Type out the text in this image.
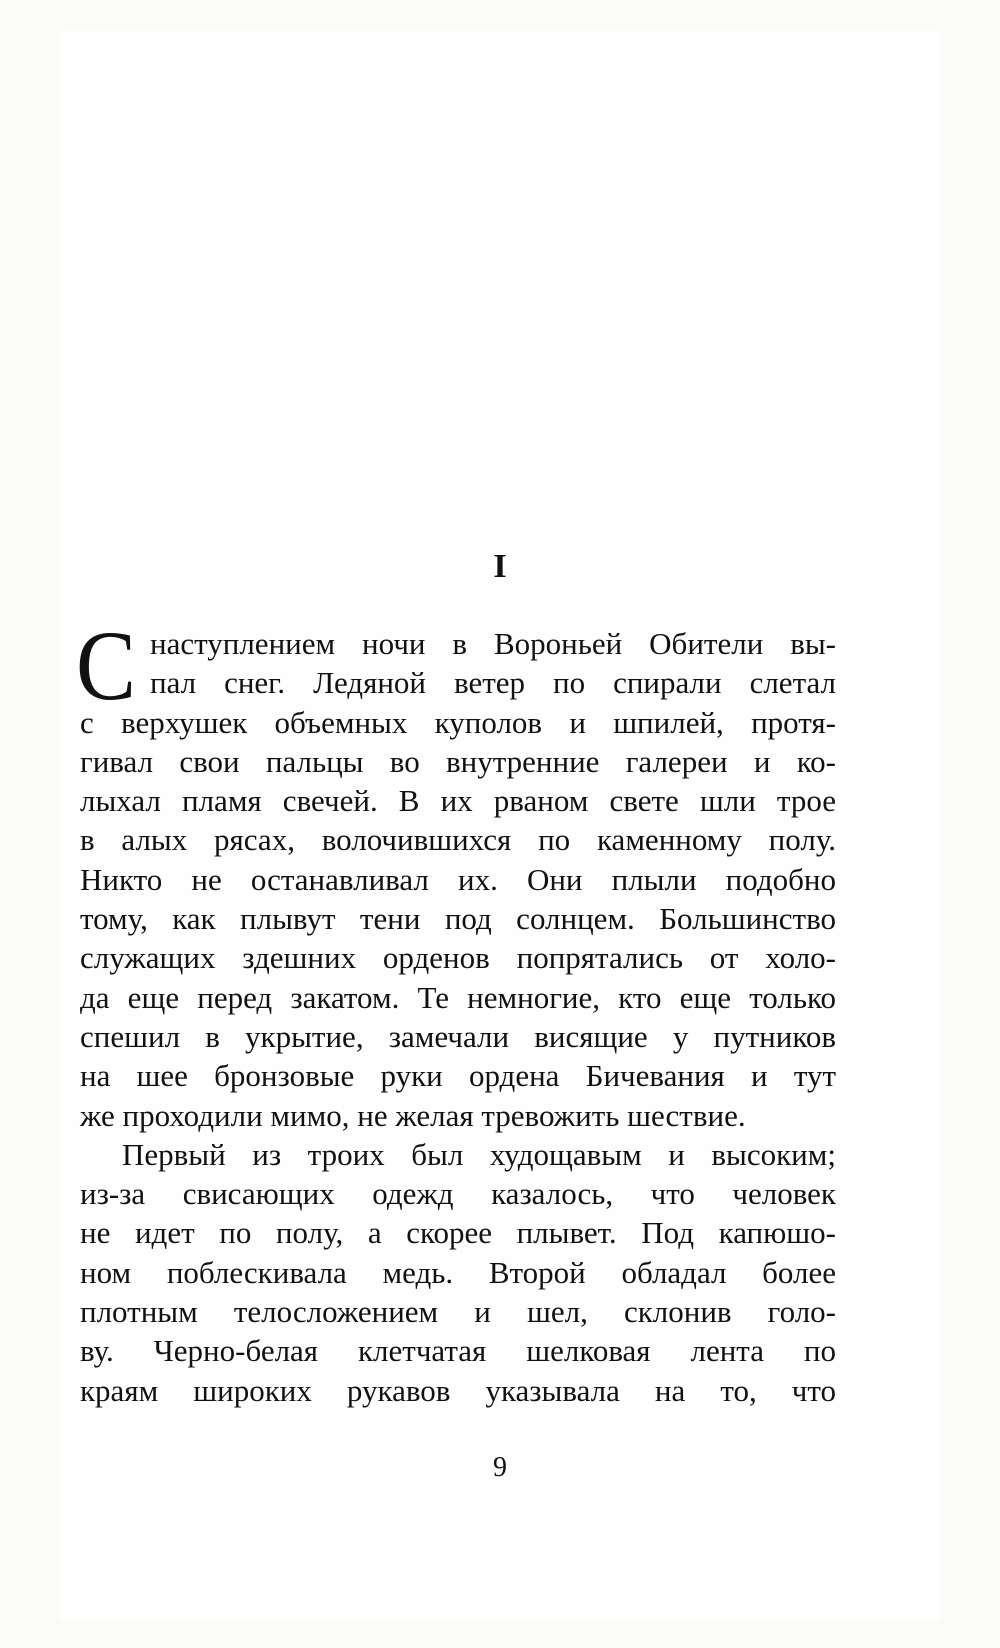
I
С наступлением ночи в Вороньей Обители вы-
пал снег. Ледяной ветер по спирали слетал
с верхушек объемных куполов и шпилей, протя-
гивал свои пальцы во внутренние галереи и ко-
лыхал пламя свечей. В их рваном свете шли трое
в алых рясах, волочившихся по каменному полу.
Никто не останавливал их. Они плыли подобно
тому, как плывут тени под солнцем. Большинство
служащих здешних орденов попрятались от холо-
да еще перед закатом. Те немногие, кто еще только
спешил в укрытие, замечали висящие у путников
на шее бронзовые руки ордена Бичевания и тут
же проходили мимо, не желая тревожить шествие.
Первый из троих был худощавым и высоким;
из-за свисающих одежд казалось, что человек
не идет по полу, а скорее плывет. Под капюшо-
ном поблескивала медь. Второй обладал более
плотным телосложением и шел, склонив голо-
ву. Черно-белая клетчатая шелковая лента по
краям широких рукавов указывала на то, что
9
